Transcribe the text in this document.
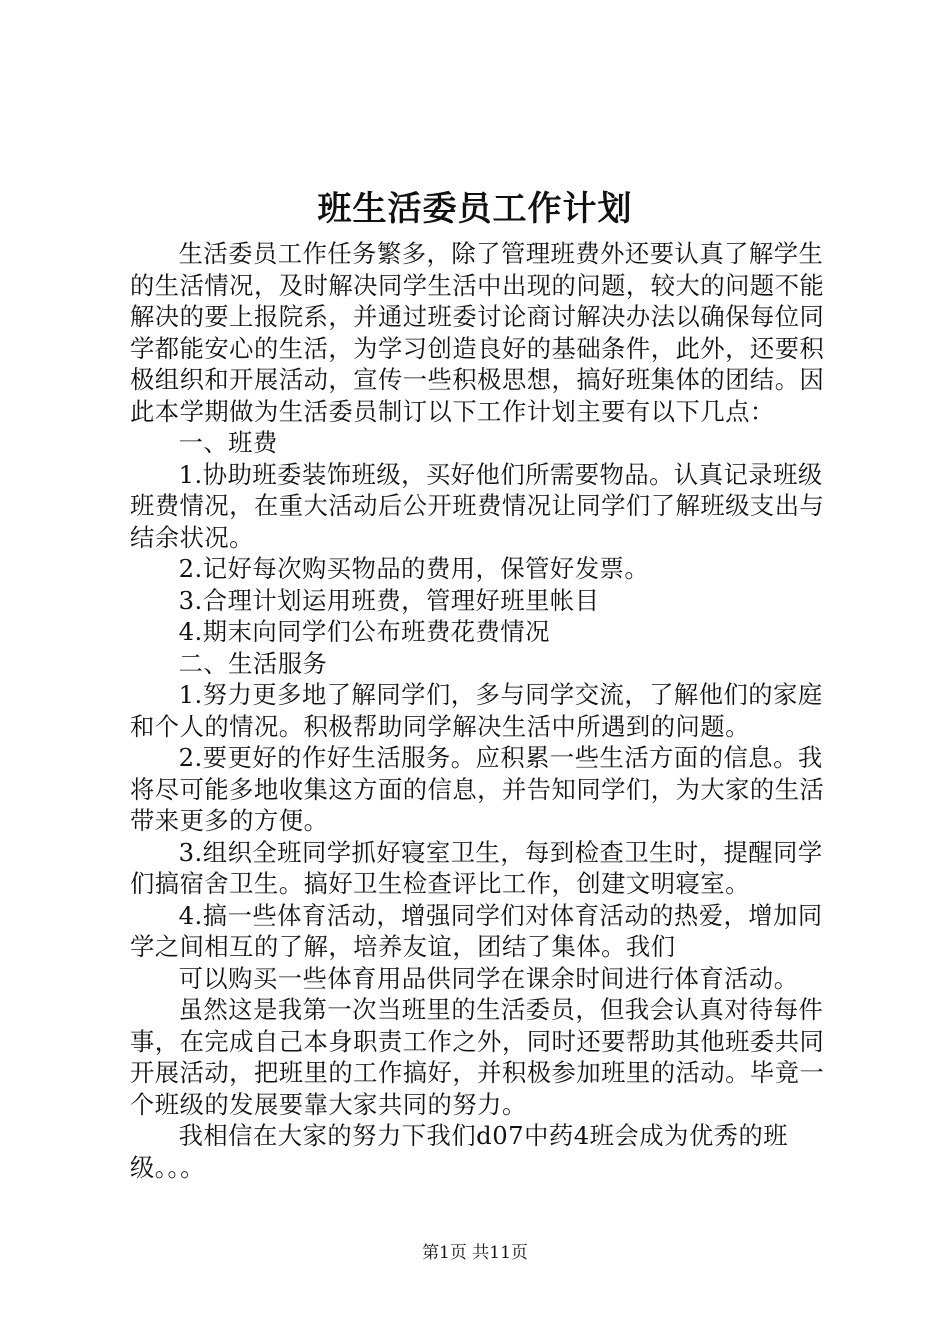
班生活委员工作计划

生活委员工作任务繁多，除了管理班费外还要认真了解学生的生活情况，及时解决同学生活中出现的问题，较大的问题不能解决的要上报院系，并通过班委讨论商讨解决办法以确保每位同学都能安心的生活，为学习创造良好的基础条件，此外，还要积极组织和开展活动，宣传一些积极思想，搞好班集体的团结。因此本学期做为生活委员制订以下工作计划主要有以下几点：

一、班费

1.协助班委装饰班级，买好他们所需要物品。认真记录班级班费情况，在重大活动后公开班费情况让同学们了解班级支出与结余状况。

2.记好每次购买物品的费用，保管好发票。

3.合理计划运用班费，管理好班里帐目

4.期末向同学们公布班费花费情况

二、生活服务

1.努力更多地了解同学们，多与同学交流，了解他们的家庭和个人的情况。积极帮助同学解决生活中所遇到的问题。

2.要更好的作好生活服务。应积累一些生活方面的信息。我将尽可能多地收集这方面的信息，并告知同学们，为大家的生活带来更多的方便。

3.组织全班同学抓好寝室卫生，每到检查卫生时，提醒同学们搞宿舍卫生。搞好卫生检查评比工作，创建文明寝室。

4.搞一些体育活动，增强同学们对体育活动的热爱，增加同学之间相互的了解，培养友谊，团结了集体。我们

可以购买一些体育用品供同学在课余时间进行体育活动。

虽然这是我第一次当班里的生活委员，但我会认真对待每件事，在完成自己本身职责工作之外，同时还要帮助其他班委共同开展活动，把班里的工作搞好，并积极参加班里的活动。毕竟一个班级的发展要靠大家共同的努力。

我相信在大家的努力下我们d07中药4班会成为优秀的班级。。。

第1页 共11页
